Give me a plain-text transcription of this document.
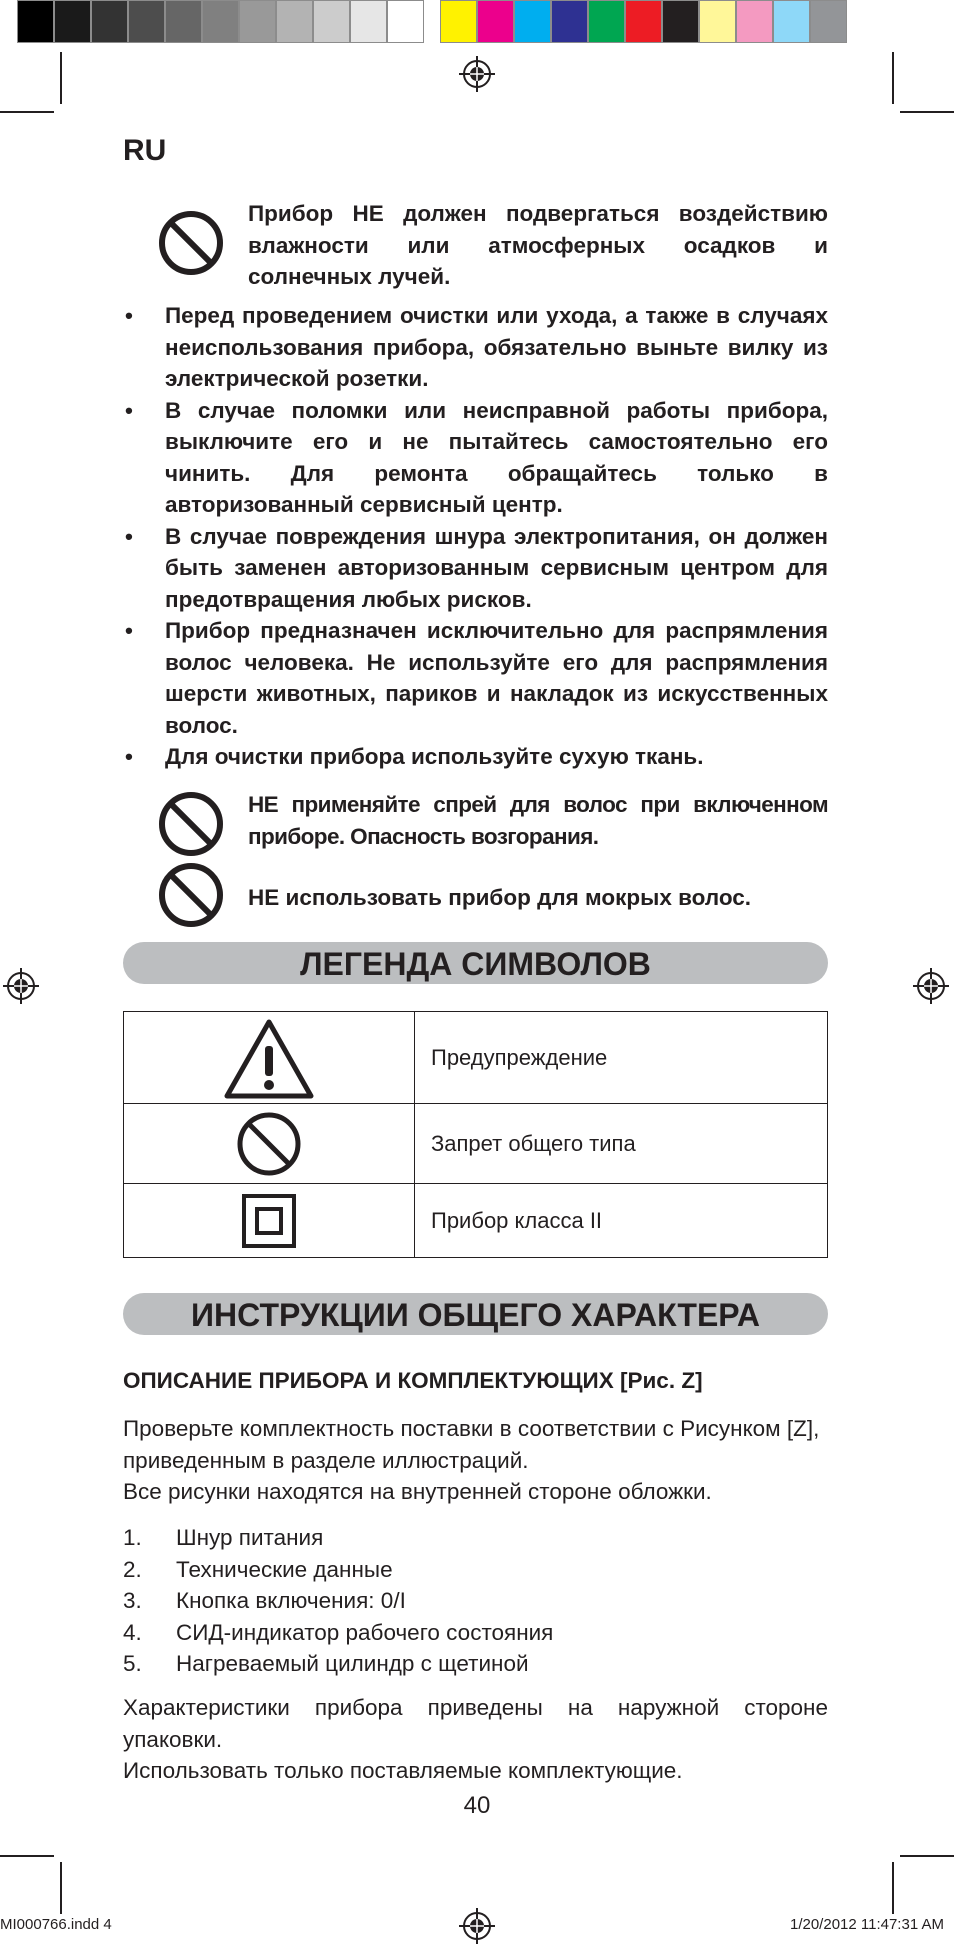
RU
Прибор НЕ должен подвергаться воздействию влажности или атмосферных осадков и солнечных лучей.
• Перед проведением очистки или ухода, а также в случаях неиспользования прибора, обязательно выньте вилку из электрической розетки.
• В случае поломки или неисправной работы прибора, выключите его и не пытайтесь самостоятельно его чинить. Для ремонта обращайтесь только в авторизованный сервисный центр.
• В случае повреждения шнура электропитания, он должен быть заменен авторизованным сервисным центром для предотвращения любых рисков.
• Прибор предназначен исключительно для распрямления волос человека. Не используйте его для распрямления шерсти животных, париков и накладок из искусственных волос.
• Для очистки прибора используйте сухую ткань.
НЕ применяйте спрей для волос при включенном приборе. Опасность возгорания.
НЕ использовать прибор для мокрых волос.
ЛЕГЕНДА СИМВОЛОВ
	Предупреждение

	Запрет общего типа

	Прибор класса II
ИНСТРУКЦИИ ОБЩЕГО ХАРАКТЕРА
ОПИСАНИЕ ПРИБОРА И КОМПЛЕКТУЮЩИХ [Рис. Z]
Проверьте комплектность поставки в соответствии с Рисунком [Z], приведенным в разделе иллюстраций.
Все рисунки находятся на внутренней стороне обложки.
1.	Шнур питания
2.	Технические данные
3.	Кнопка включения: 0/I
4.	СИД-индикатор рабочего состояния
5.	Нагреваемый цилиндр с щетиной
Характеристики прибора приведены на наружной стороне упаковки.
Использовать только поставляемые комплектующие.
40
MI000766.indd 4	1/20/2012 11:47:31 AM
